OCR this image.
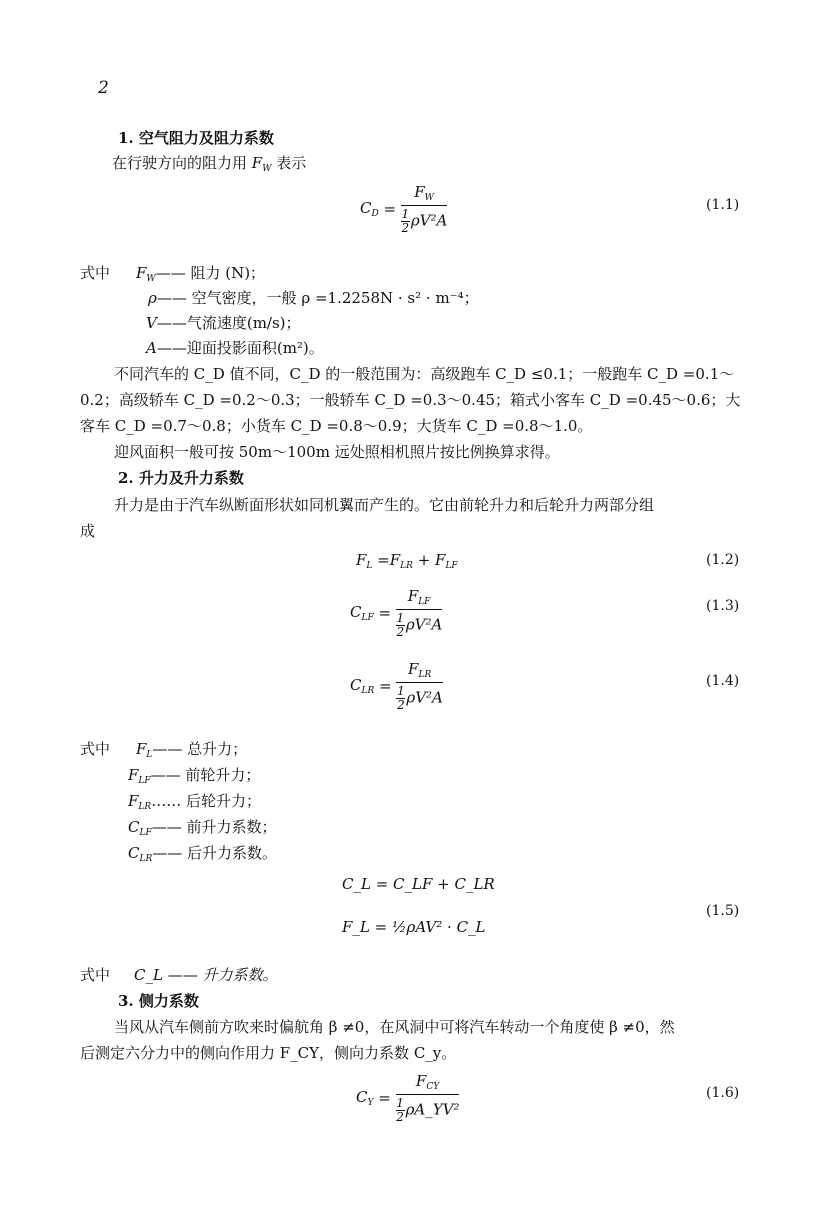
2
1. 空气阻力及阻力系数
在行驶方向的阻力用 $F_W$ 表示
$C_D = \frac{F_W}{\frac{1}{2} \rho V^2A}$	(1.1)
式中 $F_W——$ 阻力 (N)；
ρ—— 空气密度，一般 ρ =1.2258N · s² · m⁻⁴；
V——气流速度(m/s)；
A——迎面投影面积(m²)。
不同汽车的 C_D 值不同，C_D 的一般范围为：高级跑车 C_D ≤0.1；一般跑车 C_D =0.1～
0.2；高级轿车 C_D =0.2～0.3；一般轿车 C_D =0.3～0.45；箱式小客车 C_D =0.45～0.6；大
客车 C_D =0.7～0.8；小货车 C_D =0.8～0.9；大货车 C_D =0.8～1.0。
迎风面积一般可按 50m～100m 远处照相机照片按比例换算求得。
2. 升力及升力系数
升力是由于汽车纵断面形状如同机翼而产生的。它由前轮升力和后轮升力两部分组
成
$F_L =F_{LR} + F_{LF}$	(1.2)
$C_{LF} = \frac{F_{LF}}{\frac{1}{2} \rho V^2A}$	(1.3)
$C_{LR} = \frac{F_{LR}}{\frac{1}{2} \rho V^2A}$	(1.4)
式中 $F_L——$ 总升力；
$F_{LF}——$ 前轮升力；
$F_{LR}\dots\dots$ 后轮升力；
$C_{LF}——$ 前升力系数；
$C_{LR}——$ 后升力系数。
C_L = C_LF + C_LR
F_L = ½ρAV² · C_L
(1.5)
式中 C_L —— 升力系数。
3. 侧力系数
当风从汽车侧前方吹来时偏航角 β ≠0，在风洞中可将汽车转动一个角度使 β ≠0，然
后测定六分力中的侧向作用力 F_CY，侧向力系数 C_y。
$C_Y = \frac{F_{CY}}{\frac{1}{2} \rho A\_YV^2}$	(1.6)
